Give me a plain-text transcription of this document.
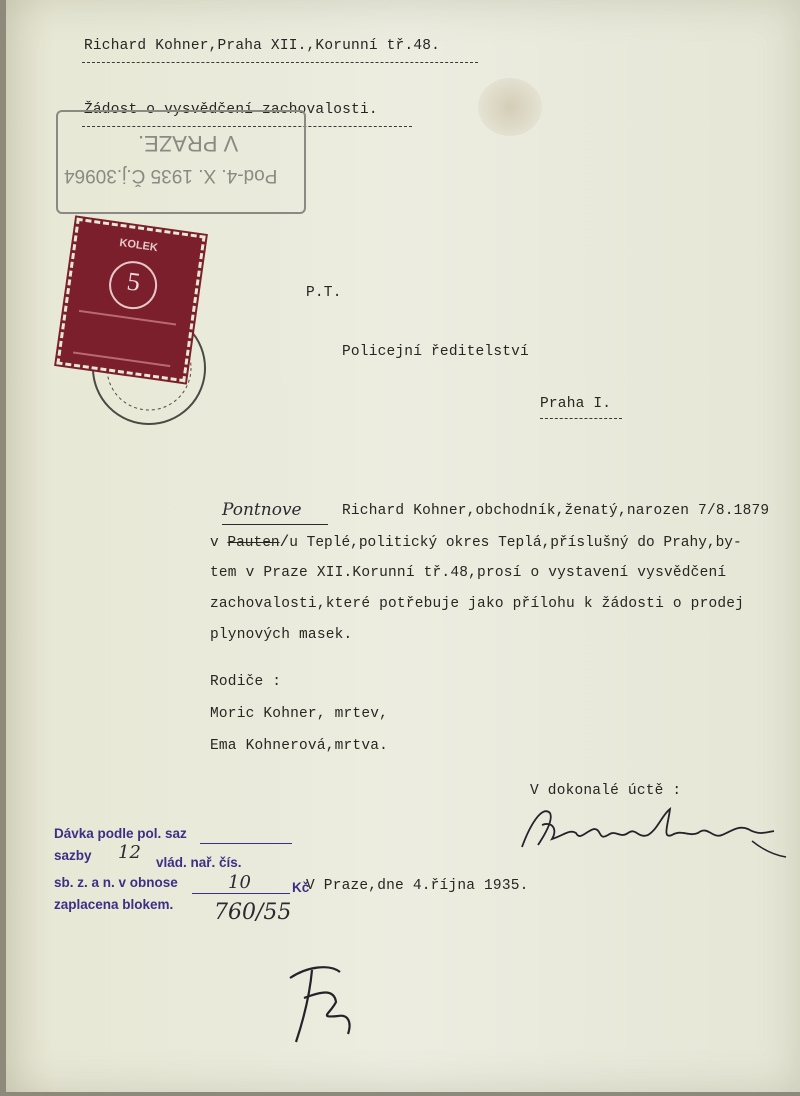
Richard Kohner,Praha XII.,Korunní tř.48.
Žádost o vysvědčení zachovalosti.
V PRAZE.
Pod-4. X. 1935 Č.j.30964
KOLEK
5	P.T.
Policejní ředitelství
Praha I.
Pontnove	Richard Kohner,obchodník,ženatý,narozen 7/8.1879
v Pauten/u Teplé,politický okres Teplá,příslušný do Prahy,by-
tem v Praze XII.Korunní tř.48,prosí o vystavení vysvědčení
zachovalosti,které potřebuje jako přílohu k žádosti o prodej
plynových masek.
Rodiče :
Moric Kohner, mrtev,
Ema Kohnerová,mrtva.
V dokonalé úctě :
V Praze,dne 4.října 1935.
Dávka podle pol. saz
sazby	vlád. nař. čís.
sb. z. a n. v obnose	Kč
zaplacena blokem.
12
10
760/55
